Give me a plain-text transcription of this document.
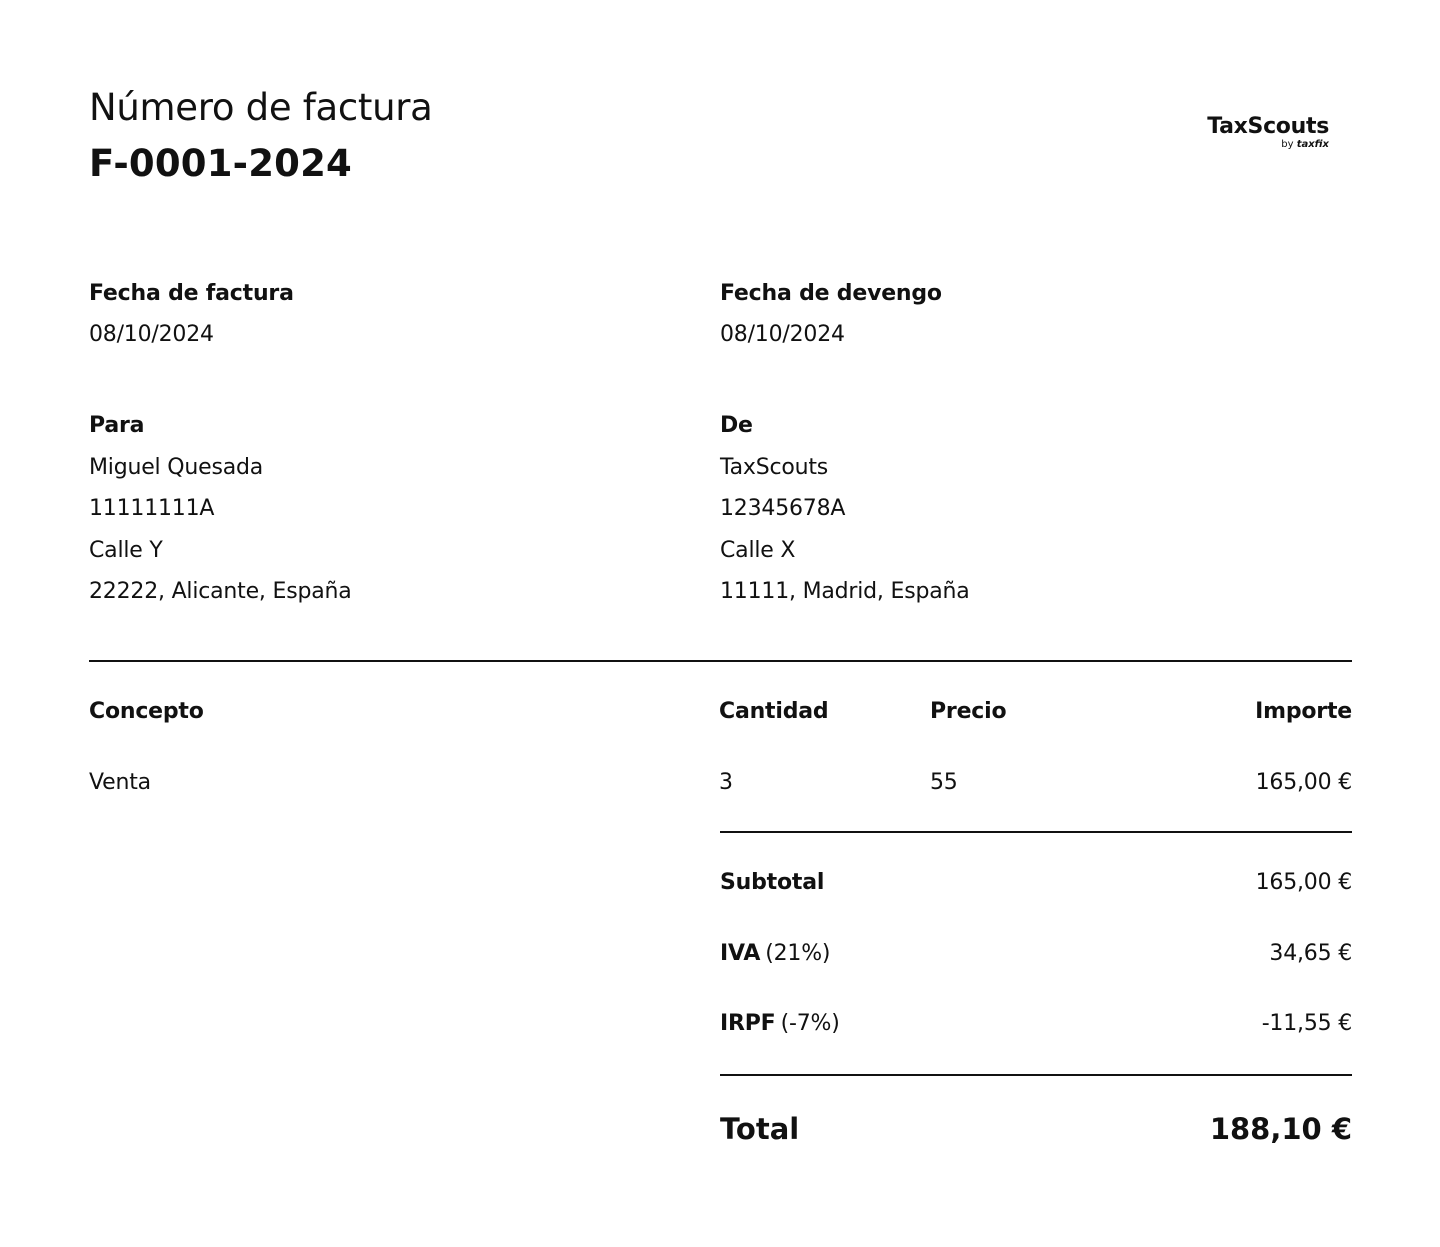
Número de factura
F-0001-2024
TaxScouts
by taxfix
Fecha de factura
08/10/2024
Fecha de devengo
08/10/2024
Para
Miguel Quesada
11111111A
Calle Y
22222, Alicante, España
De
TaxScouts
12345678A
Calle X
11111, Madrid, España
Concepto	Cantidad	Precio	Importe
Venta	3	55	165,00 €
Subtotal	165,00 €
IVA (21%)	34,65 €
IRPF (-7%)	-11,55 €
Total	188,10 €
